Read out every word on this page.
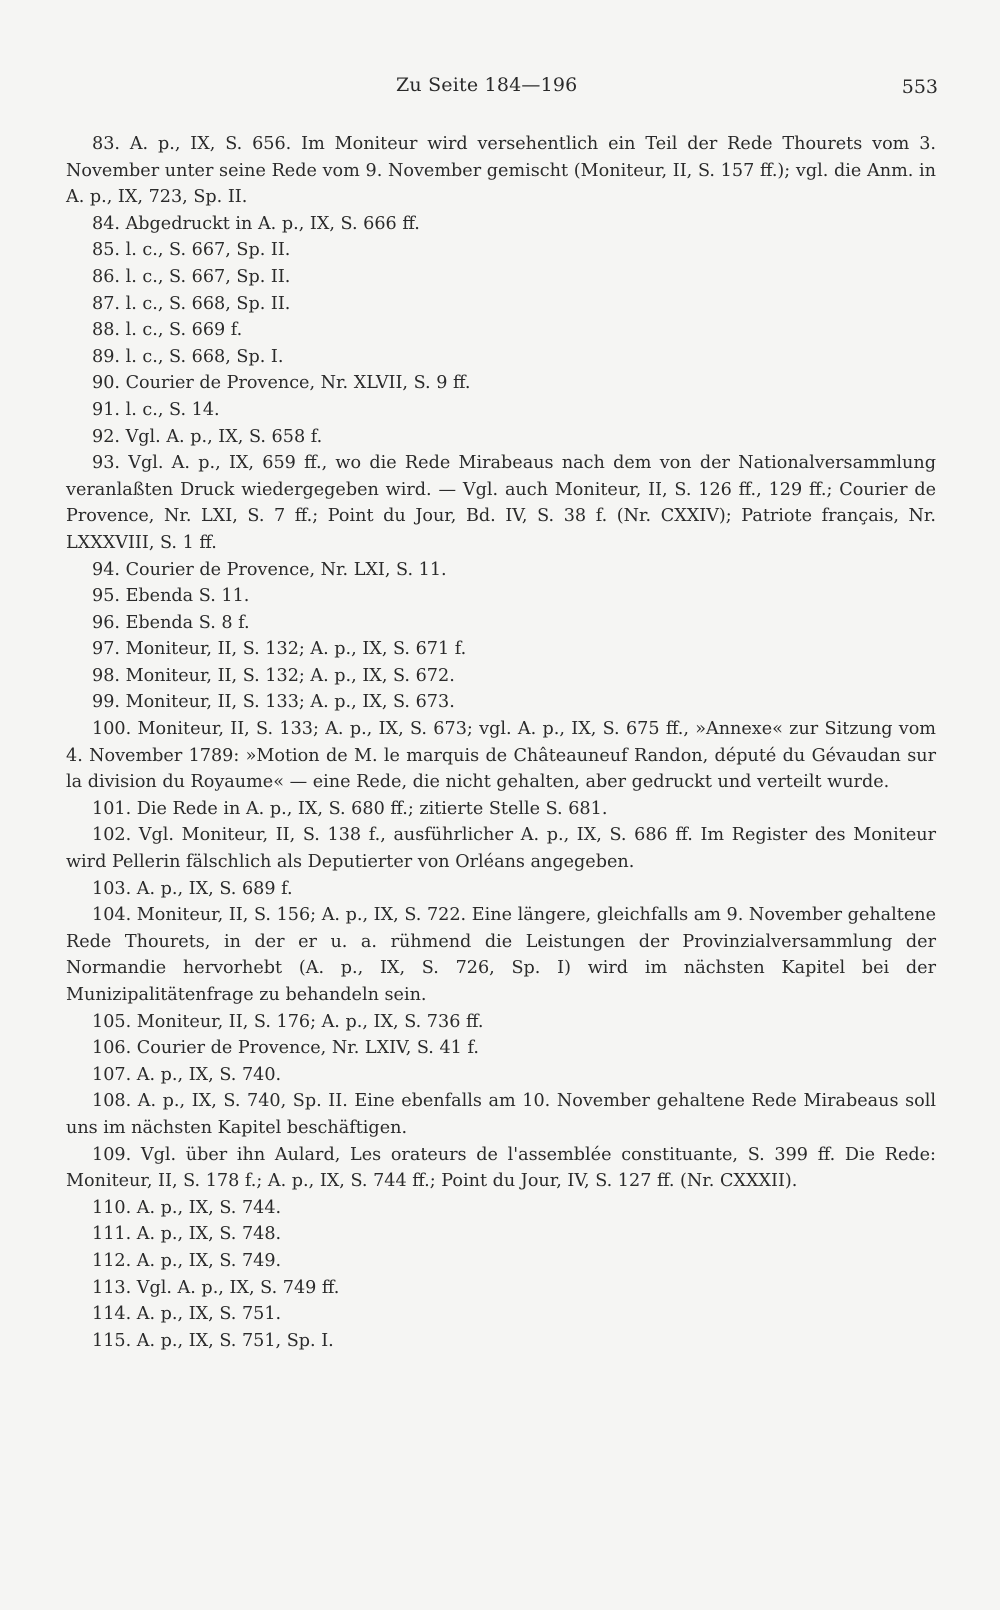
Zu Seite 184—196	553

83. A. p., IX, S. 656. Im Moniteur wird versehentlich ein Teil der Rede Thourets vom 3. November unter seine Rede vom 9. November gemischt (Moniteur, II, S. 157 ff.); vgl. die Anm. in A. p., IX, 723, Sp. II.

84. Abgedruckt in A. p., IX, S. 666 ff.

85. l. c., S. 667, Sp. II.

86. l. c., S. 667, Sp. II.

87. l. c., S. 668, Sp. II.

88. l. c., S. 669 f.

89. l. c., S. 668, Sp. I.

90. Courier de Provence, Nr. XLVII, S. 9 ff.

91. l. c., S. 14.

92. Vgl. A. p., IX, S. 658 f.

93. Vgl. A. p., IX, 659 ff., wo die Rede Mirabeaus nach dem von der Nationalversammlung veranlaßten Druck wiedergegeben wird. — Vgl. auch Moniteur, II, S. 126 ff., 129 ff.; Courier de Provence, Nr. LXI, S. 7 ff.; Point du Jour, Bd. IV, S. 38 f. (Nr. CXXIV); Patriote français, Nr. LXXXVIII, S. 1 ff.

94. Courier de Provence, Nr. LXI, S. 11.

95. Ebenda S. 11.

96. Ebenda S. 8 f.

97. Moniteur, II, S. 132; A. p., IX, S. 671 f.

98. Moniteur, II, S. 132; A. p., IX, S. 672.

99. Moniteur, II, S. 133; A. p., IX, S. 673.

100. Moniteur, II, S. 133; A. p., IX, S. 673; vgl. A. p., IX, S. 675 ff., »Annexe« zur Sitzung vom 4. November 1789: »Motion de M. le marquis de Châteauneuf Randon, député du Gévaudan sur la division du Royaume« — eine Rede, die nicht gehalten, aber gedruckt und verteilt wurde.

101. Die Rede in A. p., IX, S. 680 ff.; zitierte Stelle S. 681.

102. Vgl. Moniteur, II, S. 138 f., ausführlicher A. p., IX, S. 686 ff. Im Register des Moniteur wird Pellerin fälschlich als Deputierter von Orléans angegeben.

103. A. p., IX, S. 689 f.

104. Moniteur, II, S. 156; A. p., IX, S. 722. Eine längere, gleichfalls am 9. November gehaltene Rede Thourets, in der er u. a. rühmend die Leistungen der Provinzialversammlung der Normandie hervorhebt (A. p., IX, S. 726, Sp. I) wird im nächsten Kapitel bei der Munizipalitätenfrage zu behandeln sein.

105. Moniteur, II, S. 176; A. p., IX, S. 736 ff.

106. Courier de Provence, Nr. LXIV, S. 41 f.

107. A. p., IX, S. 740.

108. A. p., IX, S. 740, Sp. II. Eine ebenfalls am 10. November gehaltene Rede Mirabeaus soll uns im nächsten Kapitel beschäftigen.

109. Vgl. über ihn Aulard, Les orateurs de l'assemblée constituante, S. 399 ff. Die Rede: Moniteur, II, S. 178 f.; A. p., IX, S. 744 ff.; Point du Jour, IV, S. 127 ff. (Nr. CXXXII).

110. A. p., IX, S. 744.

111. A. p., IX, S. 748.

112. A. p., IX, S. 749.

113. Vgl. A. p., IX, S. 749 ff.

114. A. p., IX, S. 751.

115. A. p., IX, S. 751, Sp. I.
